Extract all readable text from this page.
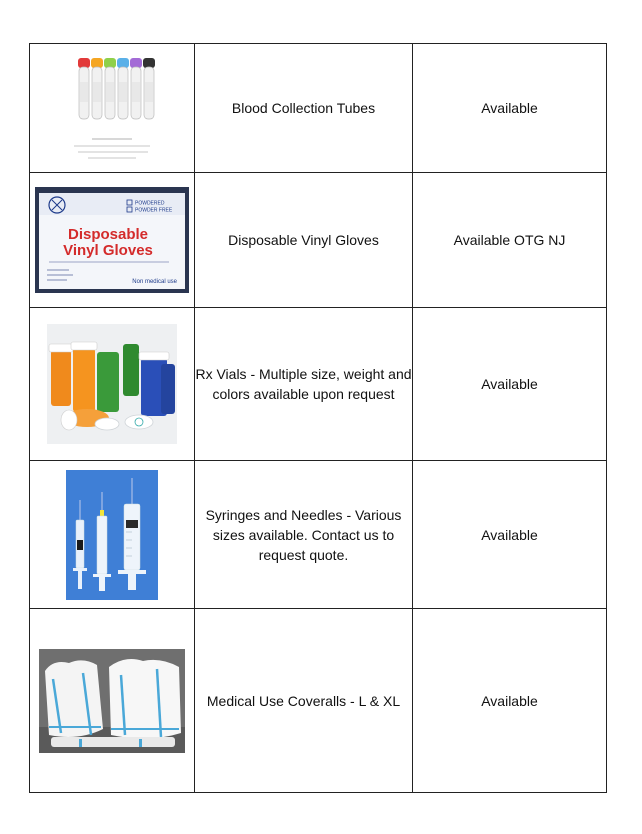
	Blood Collection Tubes	Available

POWDERED
POWDER FREE
Disposable
Vinyl Gloves
Non medical use	Disposable Vinyl Gloves	Available OTG NJ

	Rx Vials - Multiple size, weight and colors available upon request	Available

	Syringes and Needles - Various sizes available. Contact us to request quote.	Available

	Medical Use Coveralls - L & XL	Available
